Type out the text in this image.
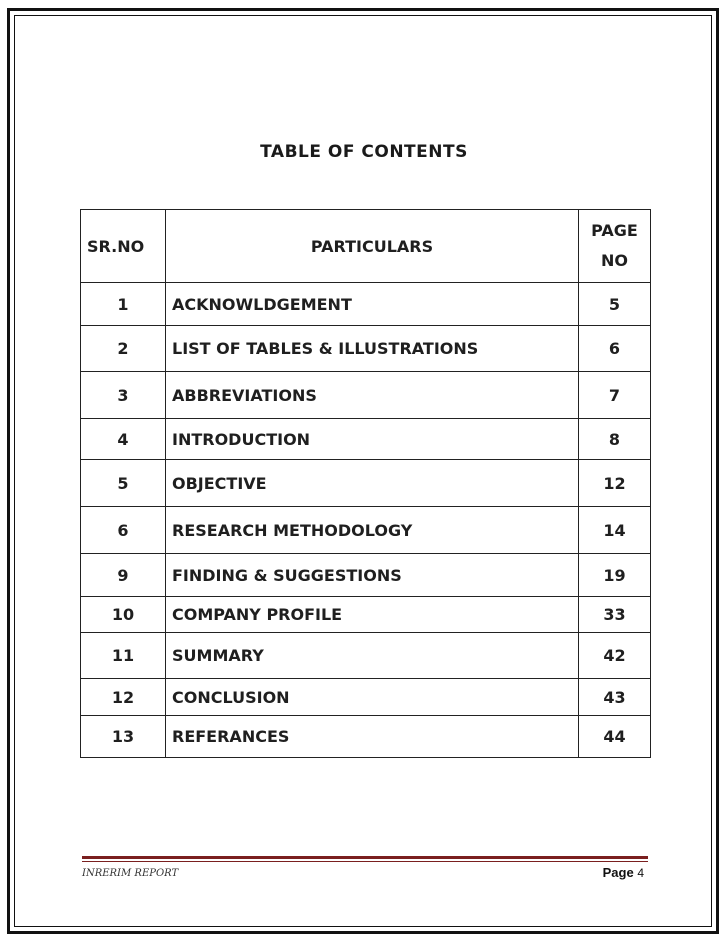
TABLE OF CONTENTS
SR.NO	PARTICULARS	PAGE
NO

1	ACKNOWLDGEMENT	5
2	LIST OF TABLES & ILLUSTRATIONS	6
3	ABBREVIATIONS	7
4	INTRODUCTION	8
5	OBJECTIVE	12
6	RESEARCH METHODOLOGY	14
9	FINDING & SUGGESTIONS	19
10	COMPANY PROFILE	33
11	SUMMARY	42
12	CONCLUSION	43
13	REFERANCES	44
INRERIM REPORT	Page 4
